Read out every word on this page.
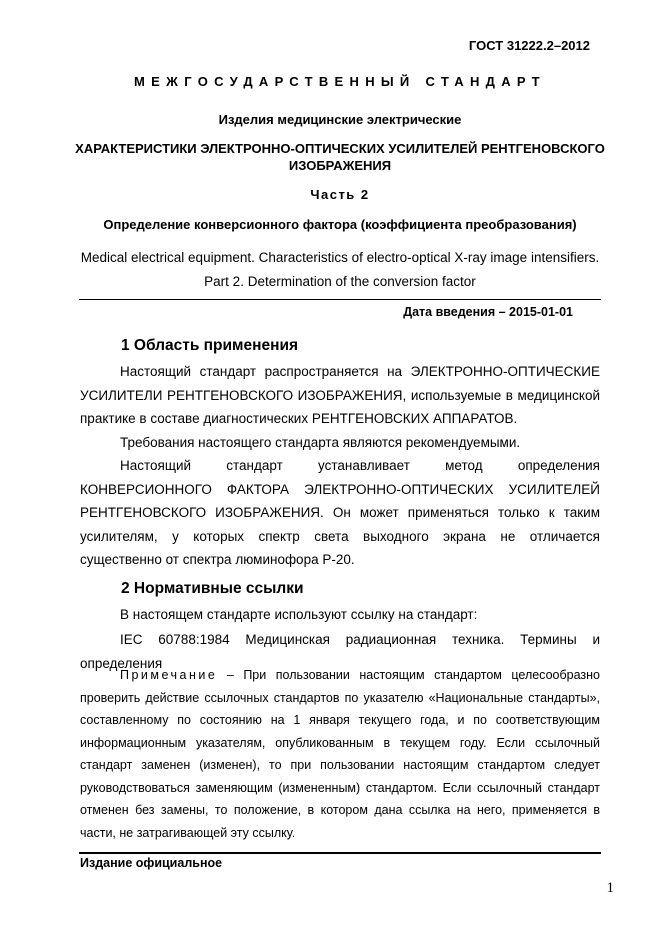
ГОСТ 31222.2–2012
МЕЖГОСУДАРСТВЕННЫЙ СТАНДАРТ
Изделия медицинские электрические
ХАРАКТЕРИСТИКИ ЭЛЕКТРОННО-ОПТИЧЕСКИХ УСИЛИТЕЛЕЙ РЕНТГЕНОВСКОГО ИЗОБРАЖЕНИЯ
Часть 2
Определение конверсионного фактора (коэффициента преобразования)
Medical electrical equipment. Characteristics of electro-optical X-ray image intensifiers.
Part 2. Determination of the conversion factor
Дата введения – 2015-01-01
1 Область применения

Настоящий стандарт распространяется на ЭЛЕКТРОННО-ОПТИЧЕСКИЕ УСИЛИТЕЛИ РЕНТГЕНОВСКОГО ИЗОБРАЖЕНИЯ, используемые в медицинской практике в составе диагностических РЕНТГЕНОВСКИХ АППАРАТОВ.

Требования настоящего стандарта являются рекомендуемыми.

Настоящий стандарт устанавливает метод определения КОНВЕРСИОННОГО ФАКТОРА ЭЛЕКТРОННО-ОПТИЧЕСКИХ УСИЛИТЕЛЕЙ РЕНТГЕНОВСКОГО ИЗОБРАЖЕНИЯ. Он может применяться только к таким усилителям, у которых спектр света выходного экрана не отличается существенно от спектра люминофора Р-20.

2 Нормативные ссылки

В настоящем стандарте используют ссылку на стандарт:

IEC 60788:1984 Медицинская радиационная техника. Термины и определения

Примечание – При пользовании настоящим стандартом целесообразно проверить действие ссылочных стандартов по указателю «Национальные стандарты», составленному по состоянию на 1 января текущего года, и по соответствующим информационным указателям, опубликованным в текущем году. Если ссылочный стандарт заменен (изменен), то при пользовании настоящим стандартом следует руководствоваться заменяющим (измененным) стандартом. Если ссылочный стандарт отменен без замены, то положение, в котором дана ссылка на него, применяется в части, не затрагивающей эту ссылку.

Издание официальное
1
